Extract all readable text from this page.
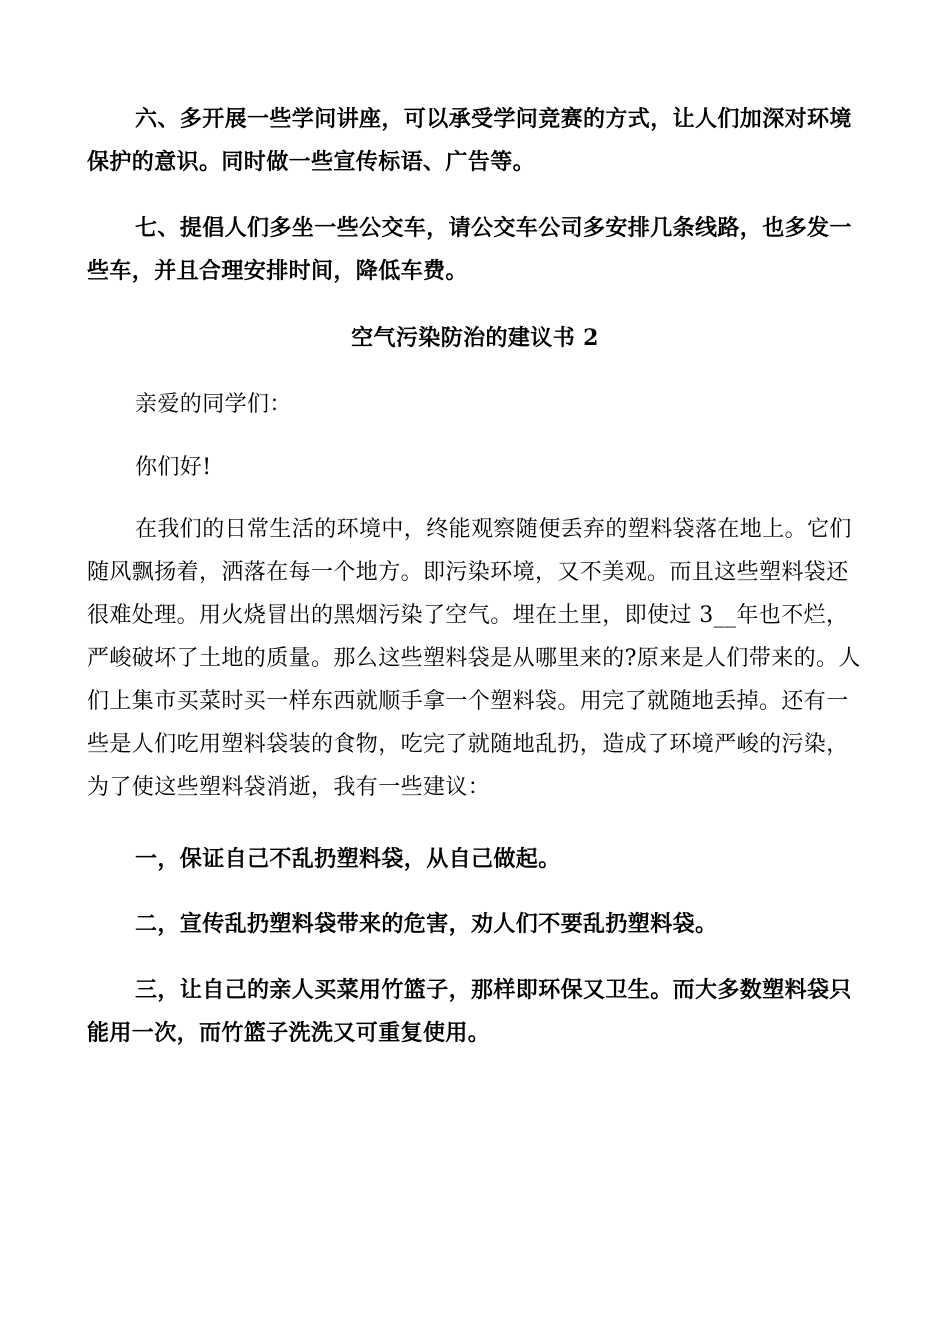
六、多开展一些学问讲座，可以承受学问竞赛的方式，让人们加深对环境保护的意识。同时做一些宣传标语、广告等。

七、提倡人们多坐一些公交车，请公交车公司多安排几条线路，也多发一些车，并且合理安排时间，降低车费。

空气污染防治的建议书 2

亲爱的同学们：

你们好!

在我们的日常生活的环境中，终能观察随便丢弃的塑料袋落在地上。它们随风飘扬着，洒落在每一个地方。即污染环境，又不美观。而且这些塑料袋还很难处理。用火烧冒出的黑烟污染了空气。埋在土里，即使过 3__年也不烂，严峻破坏了土地的质量。那么这些塑料袋是从哪里来的?原来是人们带来的。人们上集市买菜时买一样东西就顺手拿一个塑料袋。用完了就随地丢掉。还有一些是人们吃用塑料袋装的食物，吃完了就随地乱扔，造成了环境严峻的污染，为了使这些塑料袋消逝，我有一些建议：

一，保证自己不乱扔塑料袋，从自己做起。

二，宣传乱扔塑料袋带来的危害，劝人们不要乱扔塑料袋。

三，让自己的亲人买菜用竹篮子，那样即环保又卫生。而大多数塑料袋只能用一次，而竹篮子洗洗又可重复使用。
